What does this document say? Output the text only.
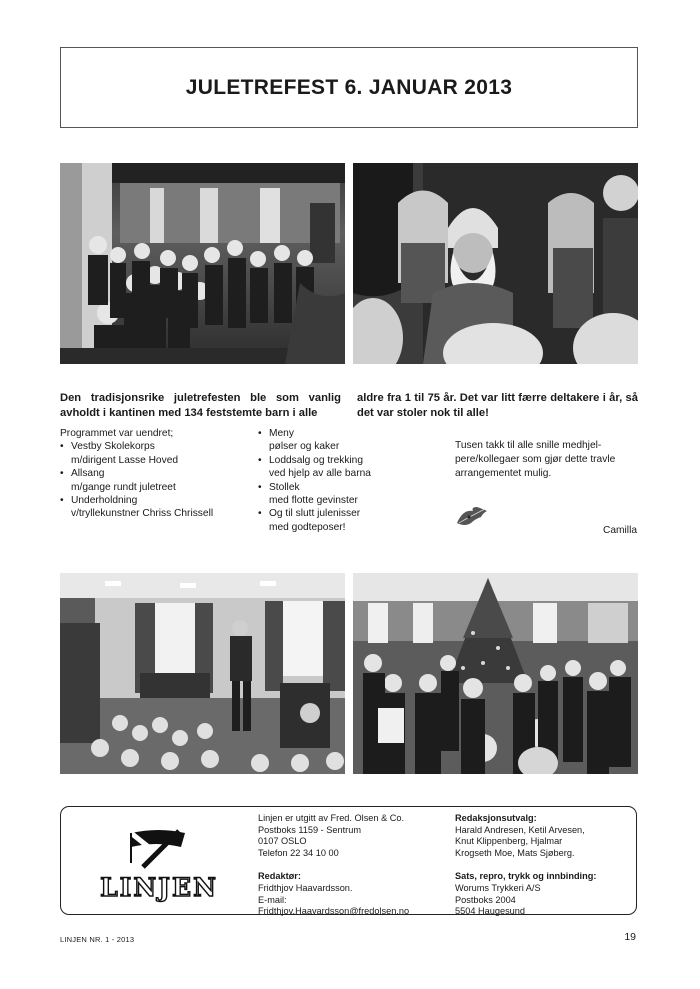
JULETREFEST 6. JANUAR 2013
Den tradisjonsrike juletrefesten ble som vanlig avholdt i kantinen med 134 feststemte barn i alle
aldre fra 1 til 75 år. Det var litt færre deltakere i år, så det var stoler nok til alle!
Programmet var uendret;
• Vestby Skolekorps
m/dirigent Lasse Hoved
• Allsang
m/gange rundt juletreet
• Underholdning
v/tryllekunstner Chriss Chrissell
• Meny
pølser og kaker
• Loddsalg og trekking
ved hjelp av alle barna
• Stollek
med flotte gevinster
• Og til slutt julenisser
med godteposer!
Tusen takk til alle snille medhjel-pere/kollegaer som gjør dette travle arrangementet mulig.
Camilla
LINJEN
Linjen er utgitt av Fred. Olsen & Co.
Postboks 1159 - Sentrum
0107 OSLO
Telefon 22 34 10 00
Redaktør:
Fridthjov Haavardsson.
E-mail:
Fridthjov.Haavardsson@fredolsen.no
Redaksjonsutvalg:
Harald Andresen, Ketil Arvesen,
Knut Klippenberg, Hjalmar
Krogseth Moe, Mats Sjøberg.
Sats, repro, trykk og innbinding:
Worums Trykkeri A/S
Postboks 2004
5504 Haugesund
LINJEN NR. 1 - 2013	19
